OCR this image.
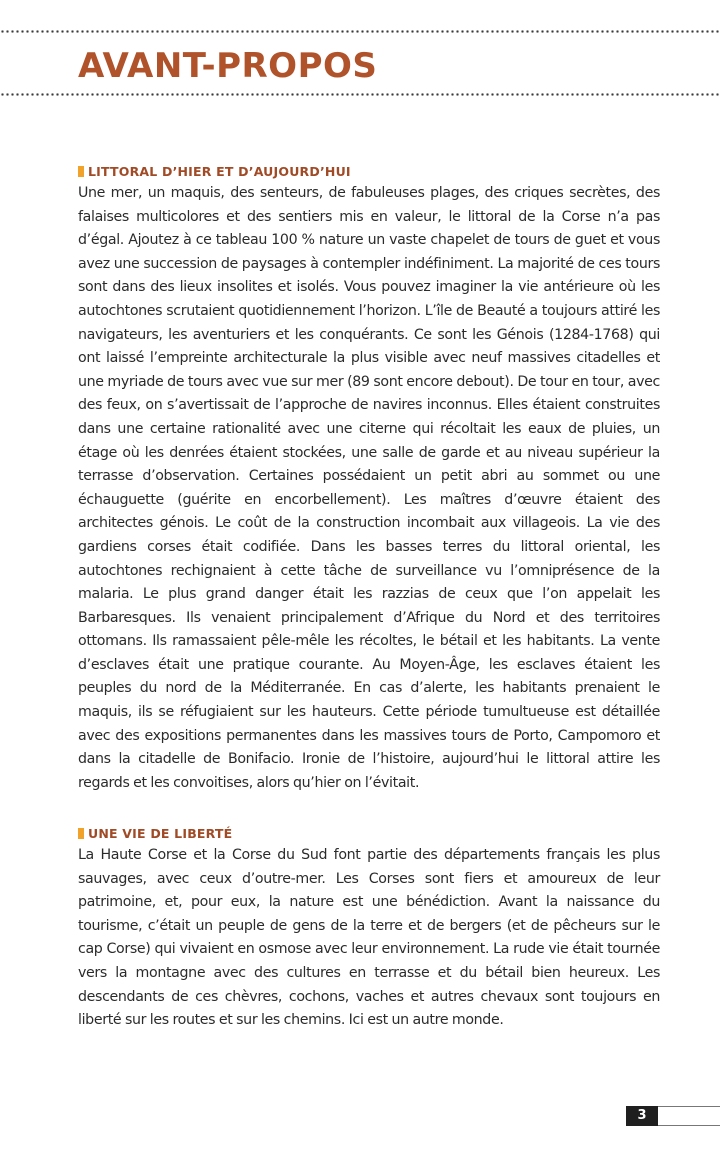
AVANT-PROPOS
LITTORAL D’HIER ET D’AUJOURD’HUI

Une mer, un maquis, des senteurs, de fabuleuses plages, des criques secrètes, des falaises multicolores et des sentiers mis en valeur, le littoral de la Corse n’a pas d’égal. Ajoutez à ce tableau 100 % nature un vaste chapelet de tours de guet et vous avez une succession de paysages à contempler indéfiniment. La majorité de ces tours sont dans des lieux insolites et isolés. Vous pouvez imaginer la vie antérieure où les autochtones scrutaient quotidiennement l’horizon. L’île de Beauté a toujours attiré les navigateurs, les aventuriers et les conquérants. Ce sont les Génois (1284-1768) qui ont laissé l’empreinte architecturale la plus visible avec neuf massives citadelles et une myriade de tours avec vue sur mer (89 sont encore debout). De tour en tour, avec des feux, on s’avertissait de l’approche de navires inconnus. Elles étaient construites dans une certaine rationalité avec une citerne qui récoltait les eaux de pluies, un étage où les denrées étaient stockées, une salle de garde et au niveau supérieur la terrasse d’observation. Certaines possédaient un petit abri au sommet ou une échauguette (guérite en encorbellement). Les maîtres d’œuvre étaient des architectes génois. Le coût de la construction incombait aux villageois. La vie des gardiens corses était codifiée. Dans les basses terres du littoral oriental, les autochtones rechignaient à cette tâche de surveillance vu l’omniprésence de la malaria. Le plus grand danger était les razzias de ceux que l’on appelait les Barbaresques. Ils venaient principalement d’Afrique du Nord et des territoires ottomans. Ils ramassaient pêle-mêle les récoltes, le bétail et les habitants. La vente d’esclaves était une pratique courante. Au Moyen-Âge, les esclaves étaient les peuples du nord de la Méditerranée. En cas d’alerte, les habitants prenaient le maquis, ils se réfugiaient sur les hauteurs. Cette période tumultueuse est détaillée avec des expositions permanentes dans les massives tours de Porto, Campomoro et dans la citadelle de Bonifacio. Ironie de l’histoire, aujourd’hui le littoral attire les regards et les convoitises, alors qu’hier on l’évitait.

UNE VIE DE LIBERTÉ

La Haute Corse et la Corse du Sud font partie des départements français les plus sauvages, avec ceux d’outre-mer. Les Corses sont fiers et amoureux de leur patrimoine, et, pour eux, la nature est une bénédiction. Avant la naissance du tourisme, c’était un peuple de gens de la terre et de bergers (et de pêcheurs sur le cap Corse) qui vivaient en osmose avec leur environnement. La rude vie était tournée vers la montagne avec des cultures en terrasse et du bétail bien heureux. Les descendants de ces chèvres, cochons, vaches et autres chevaux sont toujours en liberté sur les routes et sur les chemins. Ici est un autre monde.

3
